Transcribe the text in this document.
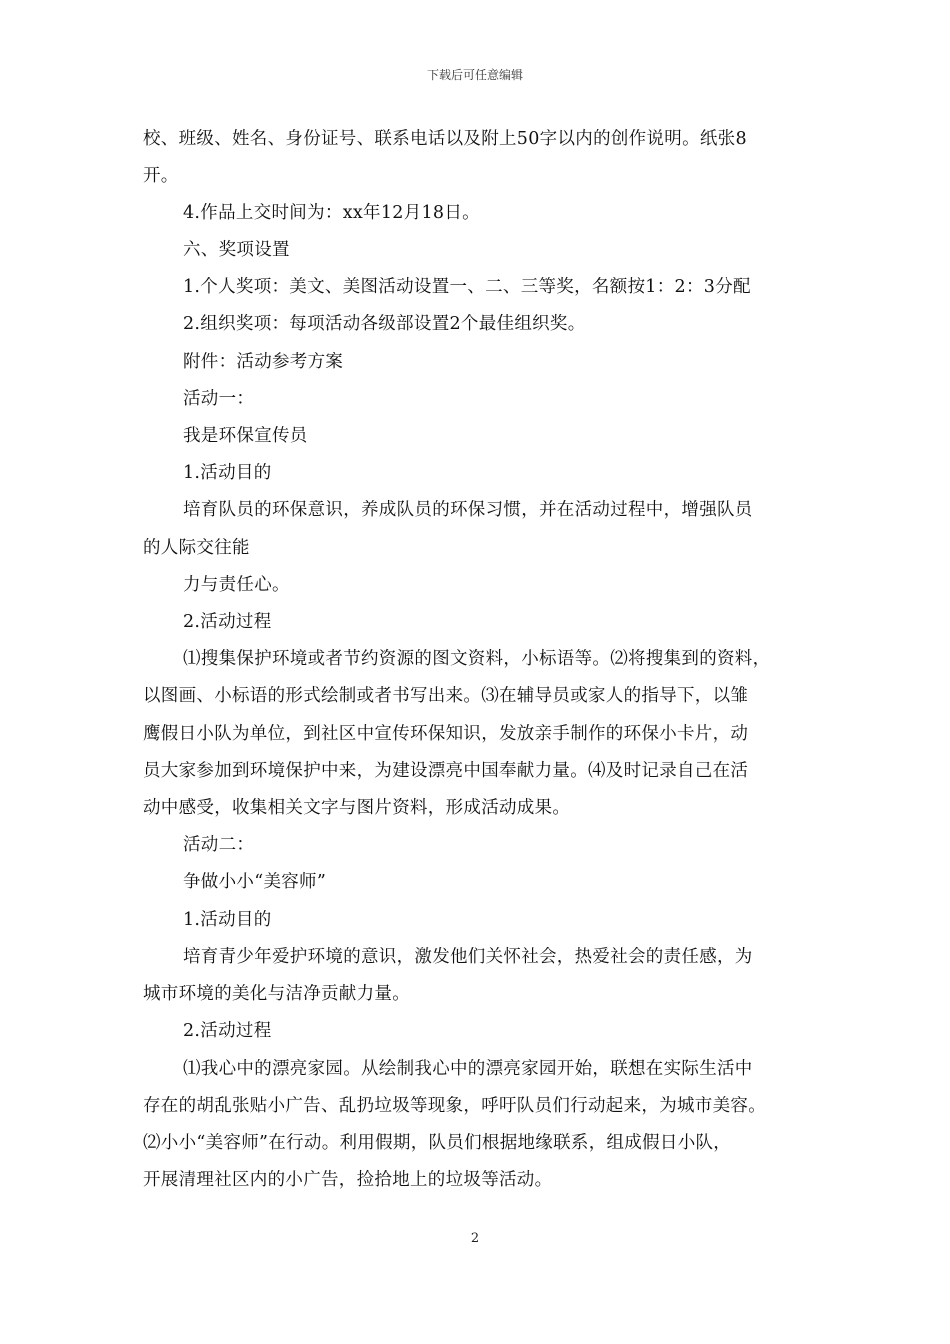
下载后可任意编辑
校、班级、姓名、身份证号、联系电话以及附上50字以内的创作说明。纸张8
开。
4.作品上交时间为：xx年12月18日。
六、奖项设置
1.个人奖项：美文、美图活动设置一、二、三等奖，名额按1：2：3分配
2.组织奖项：每项活动各级部设置2个最佳组织奖。
附件：活动参考方案
活动一：
我是环保宣传员
1.活动目的
培育队员的环保意识，养成队员的环保习惯，并在活动过程中，增强队员
的人际交往能
力与责任心。
2.活动过程
⑴搜集保护环境或者节约资源的图文资料，小标语等。⑵将搜集到的资料，
以图画、小标语的形式绘制或者书写出来。⑶在辅导员或家人的指导下，以雏
鹰假日小队为单位，到社区中宣传环保知识，发放亲手制作的环保小卡片，动
员大家参加到环境保护中来，为建设漂亮中国奉献力量。⑷及时记录自己在活
动中感受，收集相关文字与图片资料，形成活动成果。
活动二：
争做小小“美容师”
1.活动目的
培育青少年爱护环境的意识，激发他们关怀社会，热爱社会的责任感，为
城市环境的美化与洁净贡献力量。
2.活动过程
⑴我心中的漂亮家园。从绘制我心中的漂亮家园开始，联想在实际生活中
存在的胡乱张贴小广告、乱扔垃圾等现象，呼吁队员们行动起来，为城市美容。
⑵小小“美容师”在行动。利用假期，队员们根据地缘联系，组成假日小队，
开展清理社区内的小广告，捡拾地上的垃圾等活动。
2
